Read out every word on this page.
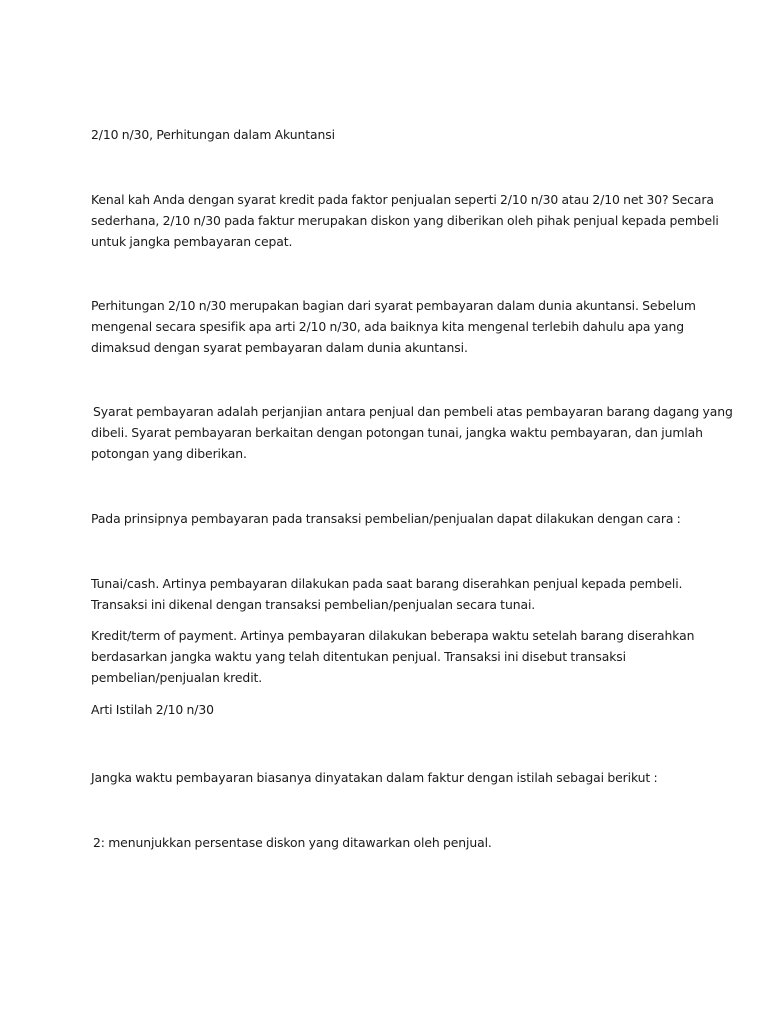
2/10 n/30, Perhitungan dalam Akuntansi

Kenal kah Anda dengan syarat kredit pada faktor penjualan seperti 2/10 n/30 atau 2/10 net 30? Secara
sederhana, 2/10 n/30 pada faktur merupakan diskon yang diberikan oleh pihak penjual kepada pembeli
untuk jangka pembayaran cepat.

Perhitungan 2/10 n/30 merupakan bagian dari syarat pembayaran dalam dunia akuntansi. Sebelum
mengenal secara spesifik apa arti 2/10 n/30, ada baiknya kita mengenal terlebih dahulu apa yang
dimaksud dengan syarat pembayaran dalam dunia akuntansi.

Syarat pembayaran adalah perjanjian antara penjual dan pembeli atas pembayaran barang dagang yang
dibeli. Syarat pembayaran berkaitan dengan potongan tunai, jangka waktu pembayaran, dan jumlah
potongan yang diberikan.

Pada prinsipnya pembayaran pada transaksi pembelian/penjualan dapat dilakukan dengan cara :

Tunai/cash. Artinya pembayaran dilakukan pada saat barang diserahkan penjual kepada pembeli.
Transaksi ini dikenal dengan transaksi pembelian/penjualan secara tunai.

Kredit/term of payment. Artinya pembayaran dilakukan beberapa waktu setelah barang diserahkan
berdasarkan jangka waktu yang telah ditentukan penjual. Transaksi ini disebut transaksi
pembelian/penjualan kredit.

Arti Istilah 2/10 n/30

Jangka waktu pembayaran biasanya dinyatakan dalam faktur dengan istilah sebagai berikut :

2: menunjukkan persentase diskon yang ditawarkan oleh penjual.
